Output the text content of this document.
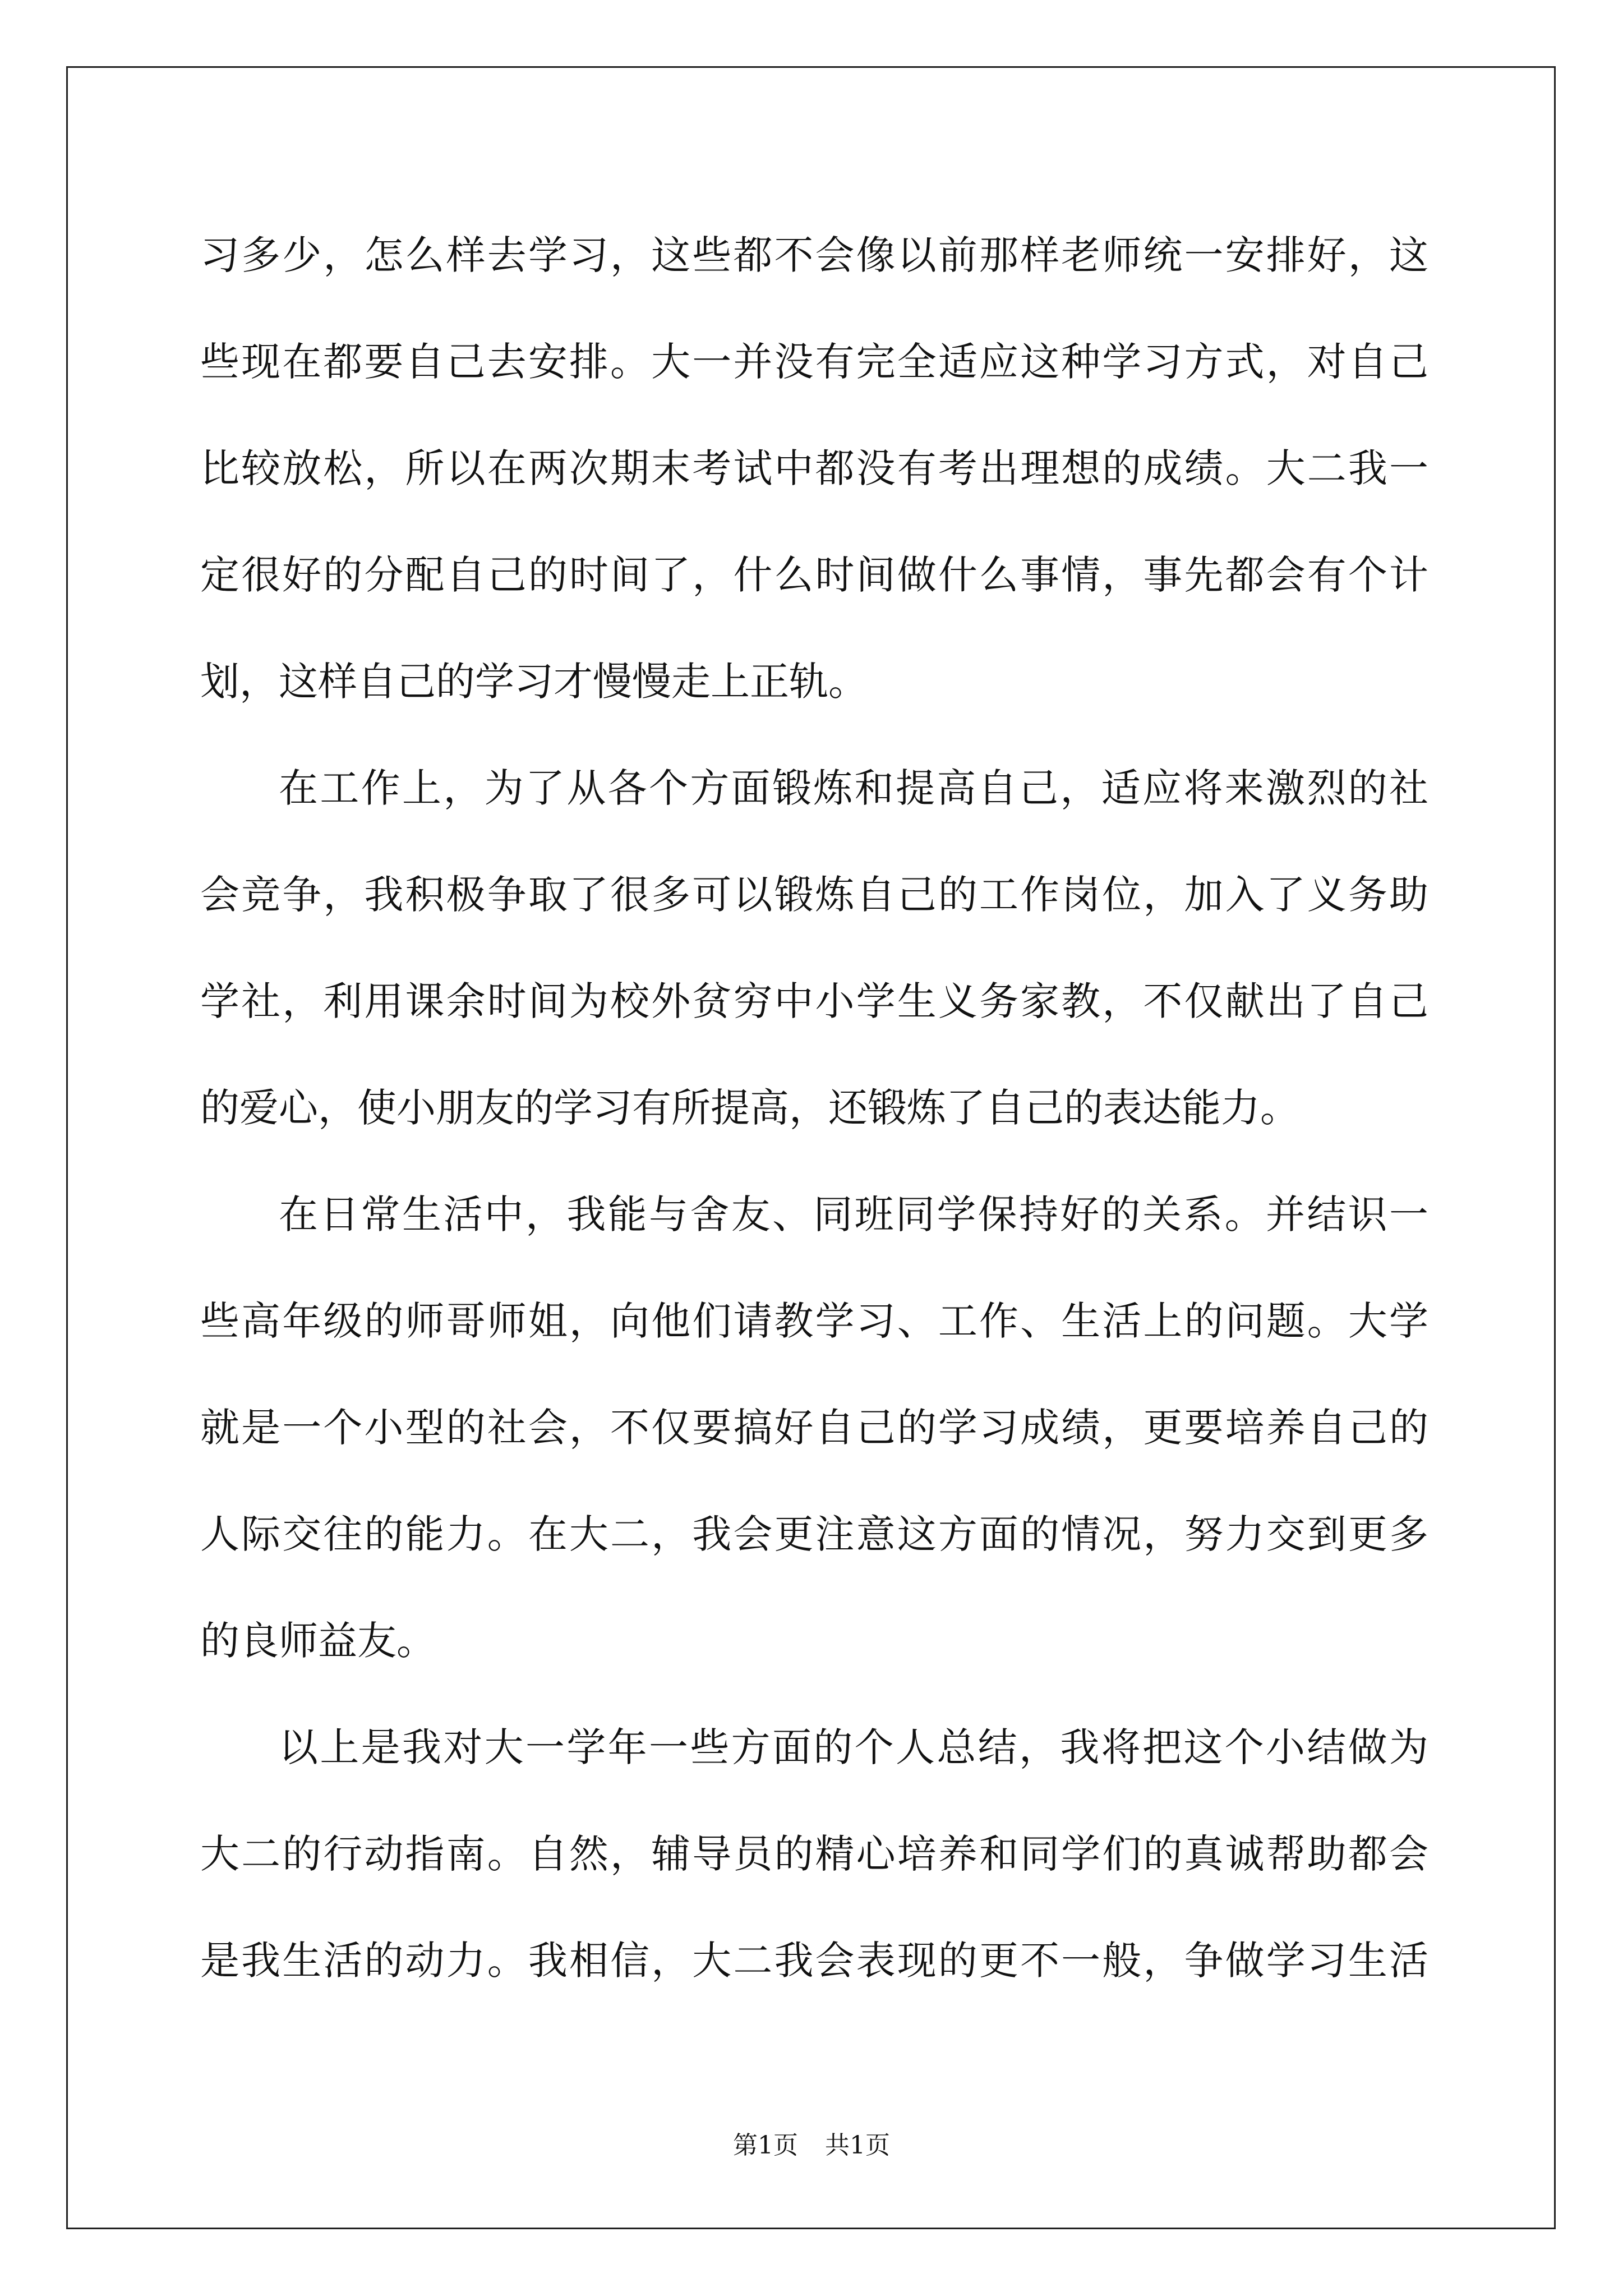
习多少，怎么样去学习，这些都不会像以前那样老师统一安排好，这
些现在都要自己去安排。大一并没有完全适应这种学习方式，对自己
比较放松，所以在两次期末考试中都没有考出理想的成绩。大二我一
定很好的分配自己的时间了，什么时间做什么事情，事先都会有个计
划，这样自己的学习才慢慢走上正轨。
在工作上，为了从各个方面锻炼和提高自己，适应将来激烈的社
会竞争，我积极争取了很多可以锻炼自己的工作岗位，加入了义务助
学社，利用课余时间为校外贫穷中小学生义务家教，不仅献出了自己
的爱心，使小朋友的学习有所提高，还锻炼了自己的表达能力。
在日常生活中，我能与舍友、同班同学保持好的关系。并结识一
些高年级的师哥师姐，向他们请教学习、工作、生活上的问题。大学
就是一个小型的社会，不仅要搞好自己的学习成绩，更要培养自己的
人际交往的能力。在大二，我会更注意这方面的情况，努力交到更多
的良师益友。
以上是我对大一学年一些方面的个人总结，我将把这个小结做为
大二的行动指南。自然，辅导员的精心培养和同学们的真诚帮助都会
是我生活的动力。我相信，大二我会表现的更不一般，争做学习生活
第1页 共1页
